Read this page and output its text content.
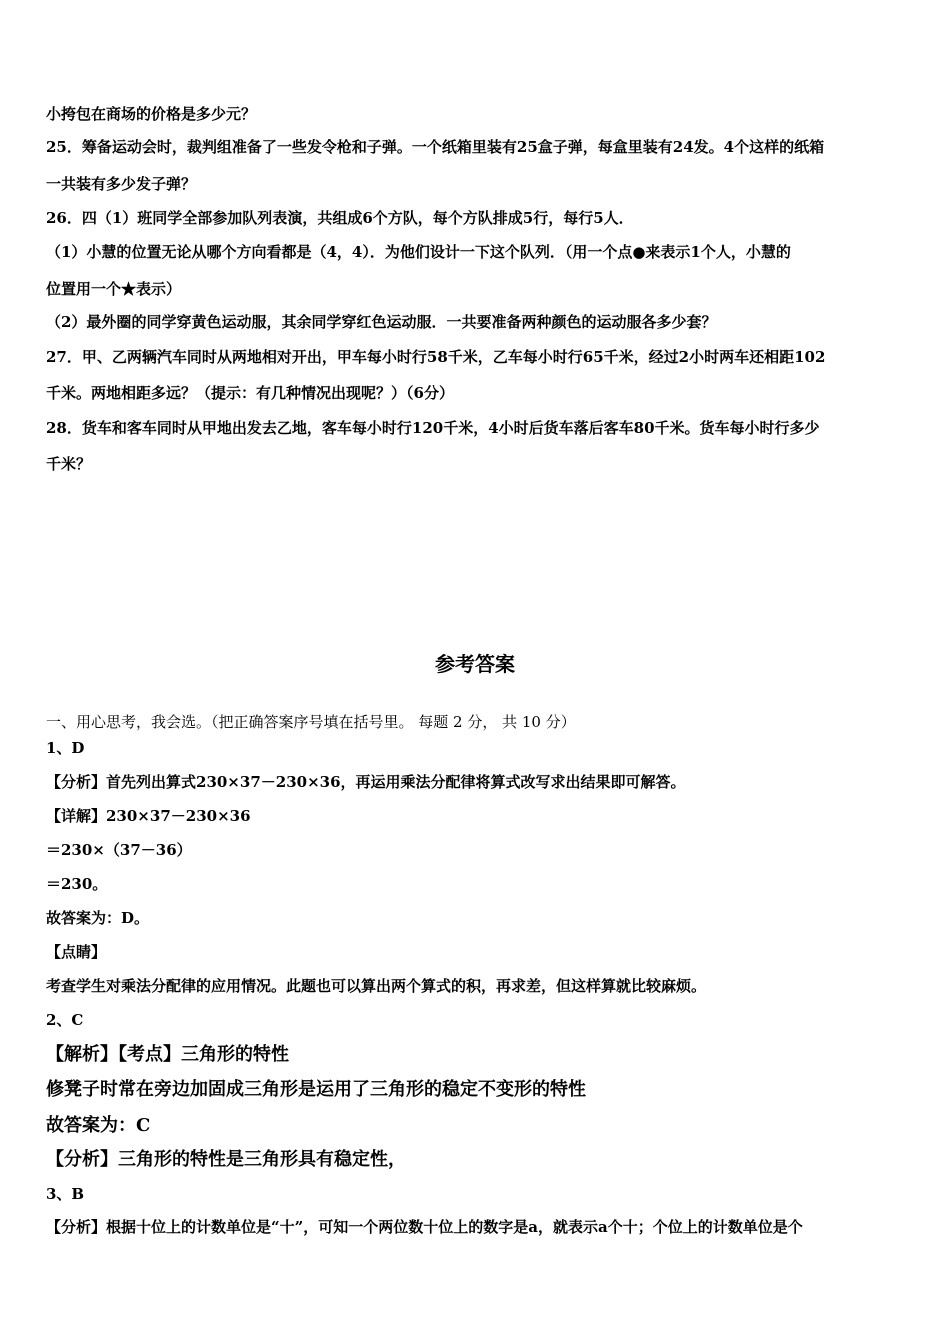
小挎包在商场的价格是多少元？
25．筹备运动会时，裁判组准备了一些发令枪和子弹。一个纸箱里装有25盒子弹，每盒里装有24发。4个这样的纸箱
一共装有多少发子弹？
26．四（1）班同学全部参加队列表演，共组成6个方队，每个方队排成5行，每行5人．
（1）小慧的位置无论从哪个方向看都是（4，4）．为他们设计一下这个队列．（用一个点●来表示1个人，小慧的
位置用一个★表示）
（2）最外圈的同学穿黄色运动服，其余同学穿红色运动服．一共要准备两种颜色的运动服各多少套？
27．甲、乙两辆汽车同时从两地相对开出，甲车每小时行58千米，乙车每小时行65千米，经过2小时两车还相距102
千米。两地相距多远？（提示：有几种情况出现呢？）（6分）
28．货车和客车同时从甲地出发去乙地，客车每小时行120千米，4小时后货车落后客车80千米。货车每小时行多少
千米？
参考答案
一、用心思考，我会选。（把正确答案序号填在括号里。 每题 2 分， 共 10 分）
1、D
【分析】首先列出算式230×37－230×36，再运用乘法分配律将算式改写求出结果即可解答。
【详解】230×37－230×36
＝230×（37－36）
＝230。
故答案为：D。
【点睛】
考查学生对乘法分配律的应用情况。此题也可以算出两个算式的积，再求差，但这样算就比较麻烦。
2、C
【解析】【考点】三角形的特性
修凳子时常在旁边加固成三角形是运用了三角形的稳定不变形的特性
故答案为：C
【分析】三角形的特性是三角形具有稳定性，
3、B
【分析】根据十位上的计数单位是“十”，可知一个两位数十位上的数字是a，就表示a个十；个位上的计数单位是个
